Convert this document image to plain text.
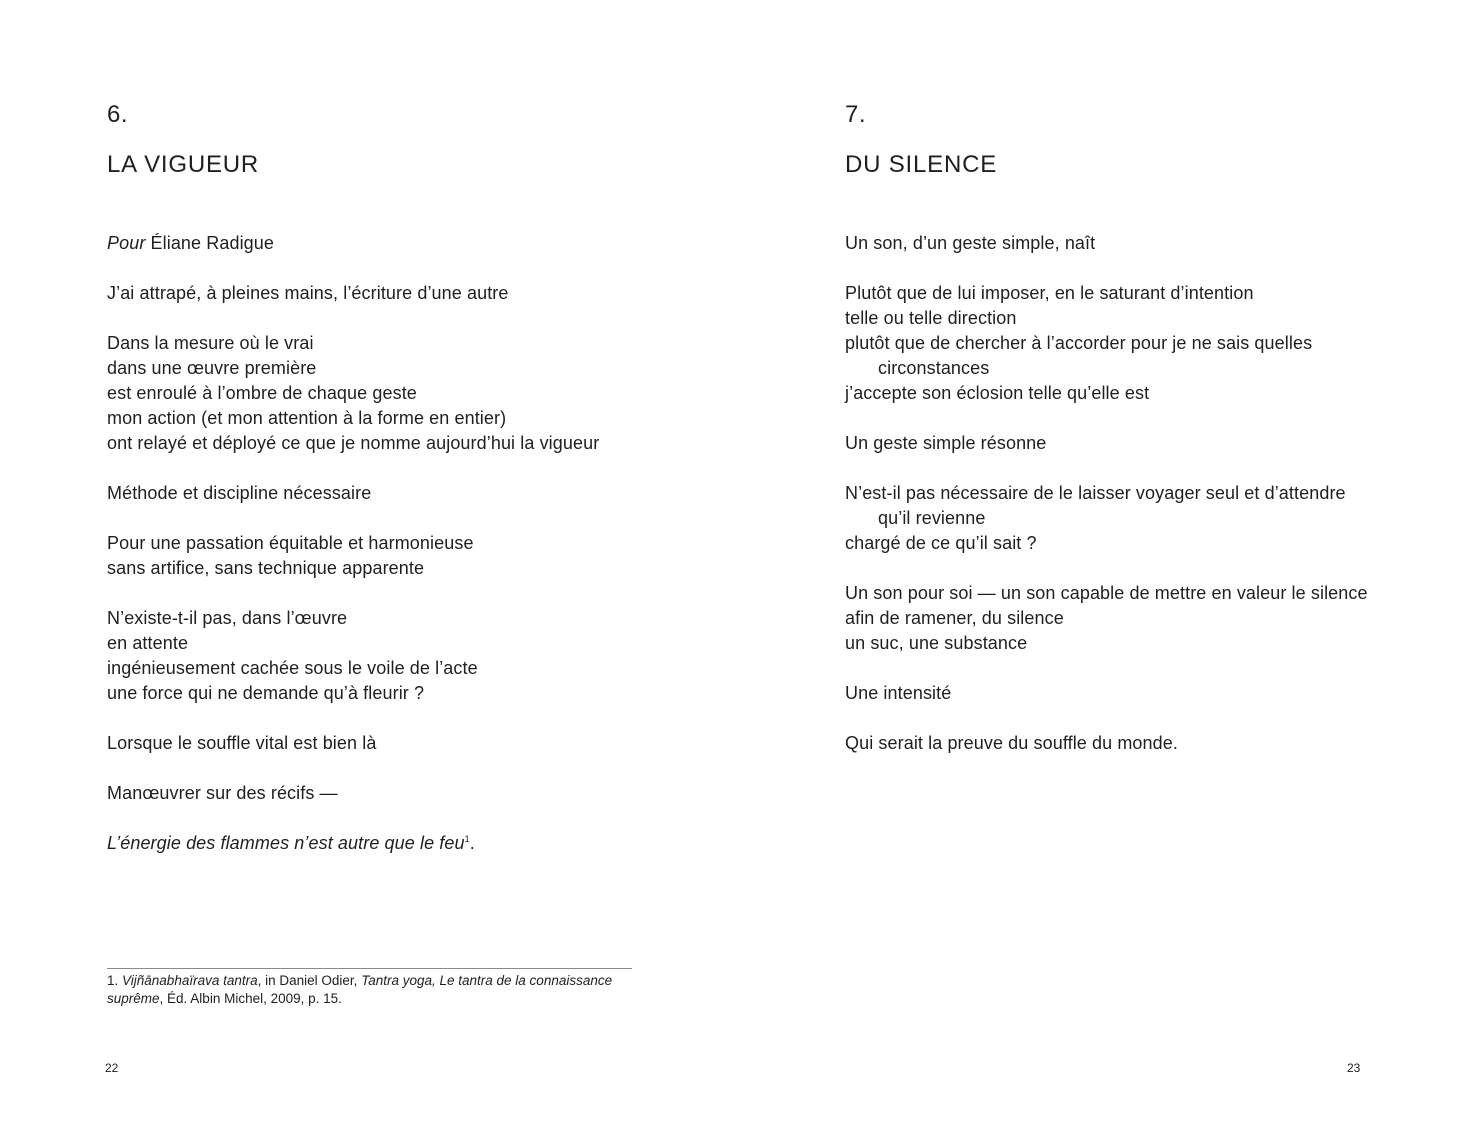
6.
LA VIGUEUR
Pour Éliane Radigue
J’ai attrapé, à pleines mains, l’écriture d’une autre
Dans la mesure où le vrai
dans une œuvre première
est enroulé à l’ombre de chaque geste
mon action (et mon attention à la forme en entier)
ont relayé et déployé ce que je nomme aujourd’hui la vigueur
Méthode et discipline nécessaire
Pour une passation équitable et harmonieuse
sans artifice, sans technique apparente
N’existe-t-il pas, dans l’œuvre
en attente
ingénieusement cachée sous le voile de l’acte
une force qui ne demande qu’à fleurir ?
Lorsque le souffle vital est bien là
Manœuvrer sur des récifs —
L’énergie des flammes n’est autre que le feu$^1$.
1. Vijñānabhaïrava tantra, in Daniel Odier, Tantra yoga, Le tantra de la connaissance
suprême, Éd. Albin Michel, 2009, p. 15.
22
7.
DU SILENCE
Un son, d’un geste simple, naît
Plutôt que de lui imposer, en le saturant d’intention
telle ou telle direction
plutôt que de chercher à l’accorder pour je ne sais quelles
circonstances
j’accepte son éclosion telle qu’elle est
Un geste simple résonne
N’est-il pas nécessaire de le laisser voyager seul et d’attendre
qu’il revienne
chargé de ce qu’il sait ?
Un son pour soi — un son capable de mettre en valeur le silence
afin de ramener, du silence
un suc, une substance
Une intensité
Qui serait la preuve du souffle du monde.
23
